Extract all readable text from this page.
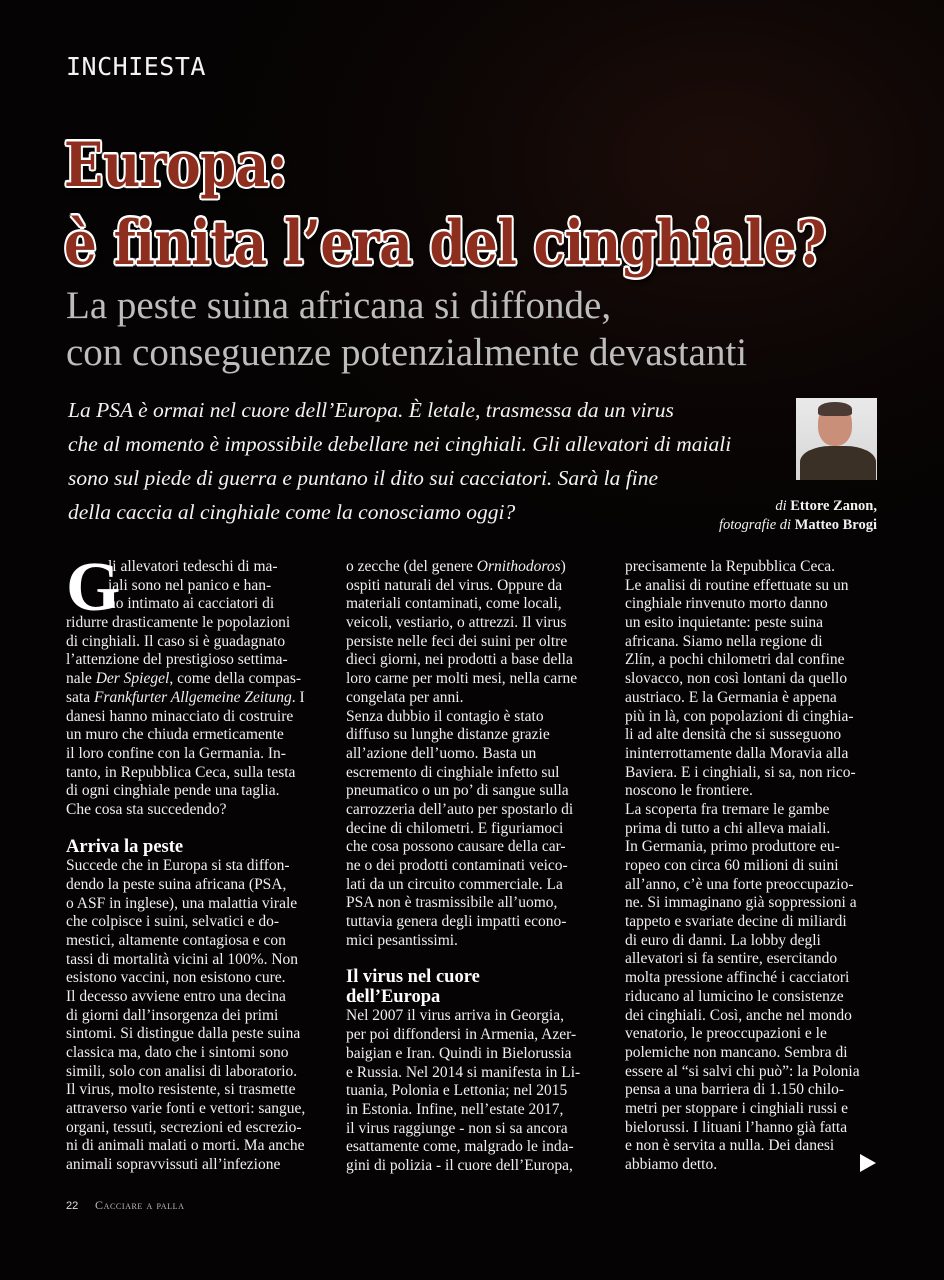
INCHIESTA
Europa:
è finita l’era del cinghiale?
La peste suina africana si diffonde,
con conseguenze potenzialmente devastanti
La PSA è ormai nel cuore dell’Europa. È letale, trasmessa da un virus
che al momento è impossibile debellare nei cinghiali. Gli allevatori di maiali
sono sul piede di guerra e puntano il dito sui cacciatori. Sarà la fine
della caccia al cinghiale come la conosciamo oggi?	di Ettore Zanon,
fotografie di Matteo Brogi
G
li allevatori tedeschi di ma-
iali sono nel panico e han-
no intimato ai cacciatori di
ridurre drasticamente le popolazioni
di cinghiali. Il caso si è guadagnato
l’attenzione del prestigioso settima-
nale Der Spiegel, come della compas-
sata Frankfurter Allgemeine Zeitung. I
danesi hanno minacciato di costruire
un muro che chiuda ermeticamente
il loro confine con la Germania. In-
tanto, in Repubblica Ceca, sulla testa
di ogni cinghiale pende una taglia.
Che cosa sta succedendo?
Arriva la peste
Succede che in Europa si sta diffon-
dendo la peste suina africana (PSA,
o ASF in inglese), una malattia virale
che colpisce i suini, selvatici e do-
mestici, altamente contagiosa e con
tassi di mortalità vicini al 100%. Non
esistono vaccini, non esistono cure.
Il decesso avviene entro una decina
di giorni dall’insorgenza dei primi
sintomi. Si distingue dalla peste suina
classica ma, dato che i sintomi sono
simili, solo con analisi di laboratorio.
Il virus, molto resistente, si trasmette
attraverso varie fonti e vettori: sangue,
organi, tessuti, secrezioni ed escrezio-
ni di animali malati o morti. Ma anche
animali sopravvissuti all’infezione
o zecche (del genere Ornithodoros)
ospiti naturali del virus. Oppure da
materiali contaminati, come locali,
veicoli, vestiario, o attrezzi. Il virus
persiste nelle feci dei suini per oltre
dieci giorni, nei prodotti a base della
loro carne per molti mesi, nella carne
congelata per anni.
Senza dubbio il contagio è stato
diffuso su lunghe distanze grazie
all’azione dell’uomo. Basta un
escremento di cinghiale infetto sul
pneumatico o un po’ di sangue sulla
carrozzeria dell’auto per spostarlo di
decine di chilometri. E figuriamoci
che cosa possono causare della car-
ne o dei prodotti contaminati veico-
lati da un circuito commerciale. La
PSA non è trasmissibile all’uomo,
tuttavia genera degli impatti econo-
mici pesantissimi.
Il virus nel cuore
dell’Europa
Nel 2007 il virus arriva in Georgia,
per poi diffondersi in Armenia, Azer-
baigian e Iran. Quindi in Bielorussia
e Russia. Nel 2014 si manifesta in Li-
tuania, Polonia e Lettonia; nel 2015
in Estonia. Infine, nell’estate 2017,
il virus raggiunge - non si sa ancora
esattamente come, malgrado le inda-
gini di polizia - il cuore dell’Europa,
precisamente la Repubblica Ceca.
Le analisi di routine effettuate su un
cinghiale rinvenuto morto danno
un esito inquietante: peste suina
africana. Siamo nella regione di
Zlín, a pochi chilometri dal confine
slovacco, non così lontani da quello
austriaco. E la Germania è appena
più in là, con popolazioni di cinghia-
li ad alte densità che si susseguono
ininterrottamente dalla Moravia alla
Baviera. E i cinghiali, si sa, non rico-
noscono le frontiere.
La scoperta fra tremare le gambe
prima di tutto a chi alleva maiali.
In Germania, primo produttore eu-
ropeo con circa 60 milioni di suini
all’anno, c’è una forte preoccupazio-
ne. Si immaginano già soppressioni a
tappeto e svariate decine di miliardi
di euro di danni. La lobby degli
allevatori si fa sentire, esercitando
molta pressione affinché i cacciatori
riducano al lumicino le consistenze
dei cinghiali. Così, anche nel mondo
venatorio, le preoccupazioni e le
polemiche non mancano. Sembra di
essere al “si salvi chi può”: la Polonia
pensa a una barriera di 1.150 chilo-
metri per stoppare i cinghiali russi e
bielorussi. I lituani l’hanno già fatta
e non è servita a nulla. Dei danesi
abbiamo detto.
22 Cacciare a palla
